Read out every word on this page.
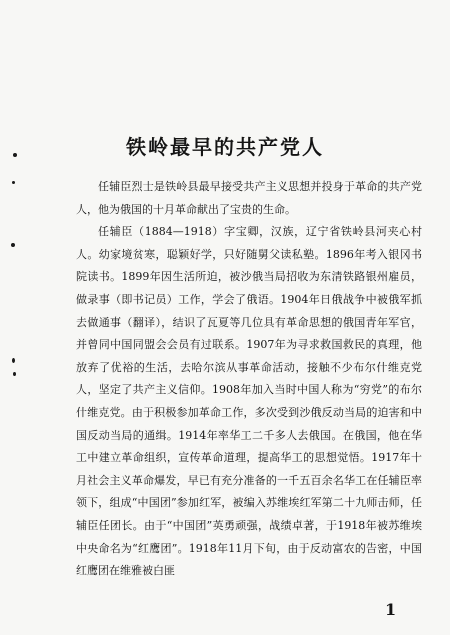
铁岭最早的共产党人

任辅臣烈士是铁岭县最早接受共产主义思想并投身于革命的共产党人，他为俄国的十月革命献出了宝贵的生命。

任辅臣（1884—1918）字宝卿，汉族，辽宁省铁岭县河夹心村人。幼家境贫寒，聪颖好学，只好随舅父读私塾。1896年考入银冈书院读书。1899年因生活所迫，被沙俄当局招收为东清铁路银州雇员，做录事（即书记员）工作，学会了俄语。1904年日俄战争中被俄军抓去做通事（翻译），结识了瓦夏等几位具有革命思想的俄国青年军官，并曾同中国同盟会会员有过联系。1907年为寻求救国救民的真理，他放弃了优裕的生活，去哈尔滨从事革命活动，接触不少布尔什维克党人，坚定了共产主义信仰。1908年加入当时中国人称为“穷党”的布尔什维克党。由于积极参加革命工作，多次受到沙俄反动当局的迫害和中国反动当局的通缉。1914年率华工二千多人去俄国。在俄国，他在华工中建立革命组织，宣传革命道理，提高华工的思想觉悟。1917年十月社会主义革命爆发，早已有充分准备的一千五百余名华工在任辅臣率领下，组成“中国团”参加红军，被编入苏维埃红军第二十九师击师，任辅臣任团长。由于“中国团”英勇顽强，战绩卓著，于1918年被苏维埃中央命名为“红鹰团”。1918年11月下旬，由于反动富农的告密，中国红鹰团在维雅被白匪

1
